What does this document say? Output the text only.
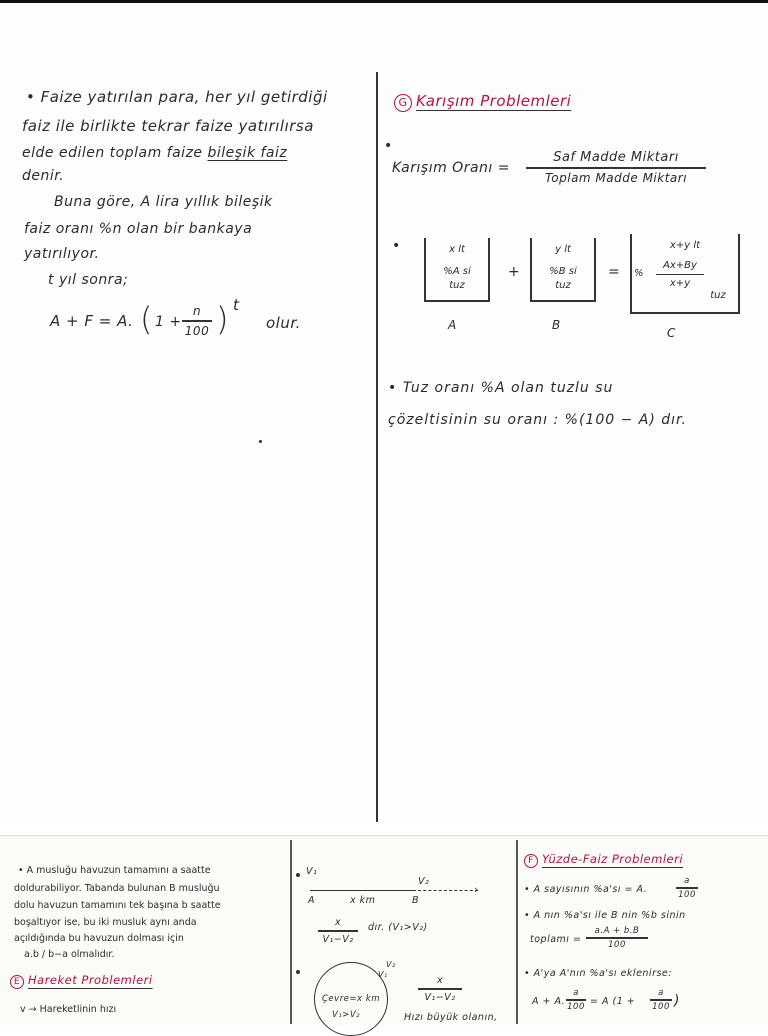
• Faize yatırılan para, her yıl getirdiği
faiz ile birlikte tekrar faize yatırılırsa
elde edilen toplam faize bileşik faiz
denir.
Buna göre, A lira yıllık bileşik
faiz oranı %n olan bir bankaya
yatırılıyor.
t yıl sonra;
A + F = A. ( 1 +
n
100 ) t
olur.
G Karışım Problemleri
•
Karışım Oranı =
Saf Madde Miktarı
Toplam Madde Miktarı
•	x lt
%A si
tuz
A
+
y lt
%B si
tuz
B
=
x+y lt
%
Ax+By
x+y
tuz
C
• Tuz oranı %A olan tuzlu su
çözeltisinin su oranı : %(100 − A) dır.
• A musluğu havuzun tamamını a saatte
doldurabiliyor. Tabanda bulunan B musluğu
dolu havuzun tamamını tek başına b saatte
boşaltıyor ise, bu iki musluk aynı anda
açıldığında bu havuzun dolması için
a.b / b−a olmalıdır.
E Hareket Problemleri
v → Hareketlinin hızı
V₁
V₂
›
A	x km	B
x
V₁−V₂
dır. (V₁>V₂)
Çevre=x km
V₁>V₂
V₂
V₁
x
V₁−V₂
Hızı büyük olanın,
F Yüzde-Faiz Problemleri
• A sayısının %a'sı = A.
a
100
• A nın %a'sı ile B nin %b sinin
toplamı =
a.A + b.B
100
• A'ya A'nın %a'sı eklenirse:
A + A.
a
100 = A (1 +
a
100 )
